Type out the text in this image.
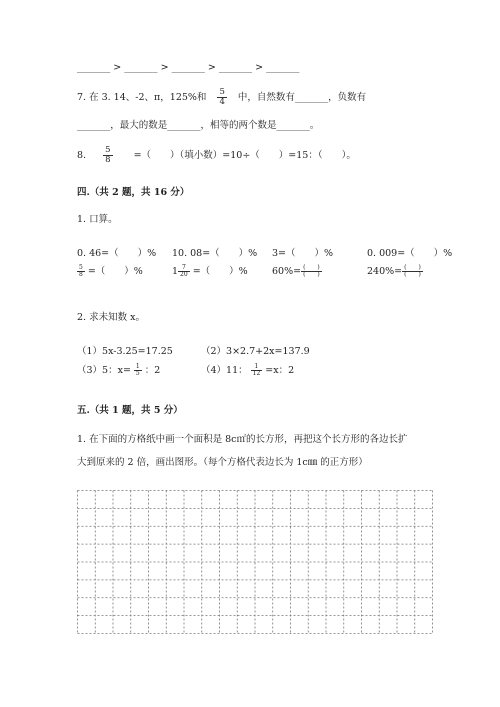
_______ > _______ > _______ > _______ > _______
7. 在 3. 14、-2、π，125%和 $\frac{5}{4}$ 中，自然数有_______，负数有
_______，最大的数是_______，相等的两个数是_______。
8. $\frac{5}{8}$ =（　　）（填小数）=10÷（　　）=15：（　　）。
四.（共 2 题，共 16 分）
1. 口算。
0. 46=（　　）% 10. 08=（　　）% 3=（　　）%	0. 009=（　　）%
$\frac{5}{8}$ =（　　）%	$1 \frac{7}{20}$ =（　　）%	$60\%= \frac{( )}{( )}$	$240\%= \frac{( )}{( )}$
2. 求未知数 x。
（1）5x-3.25=17.25	（2）3×2.7+2x=137.9
（3）5：$x= \frac{1}{5}$ ：2	（4）11： $\frac{1}{12} =x$：2
五.（共 1 题，共 5 分）
1. 在下面的方格纸中画一个面积是 8c㎡的长方形，再把这个长方形的各边长扩
大到原来的 2 倍，画出图形。（每个方格代表边长为 1c㎜ 的正方形）
